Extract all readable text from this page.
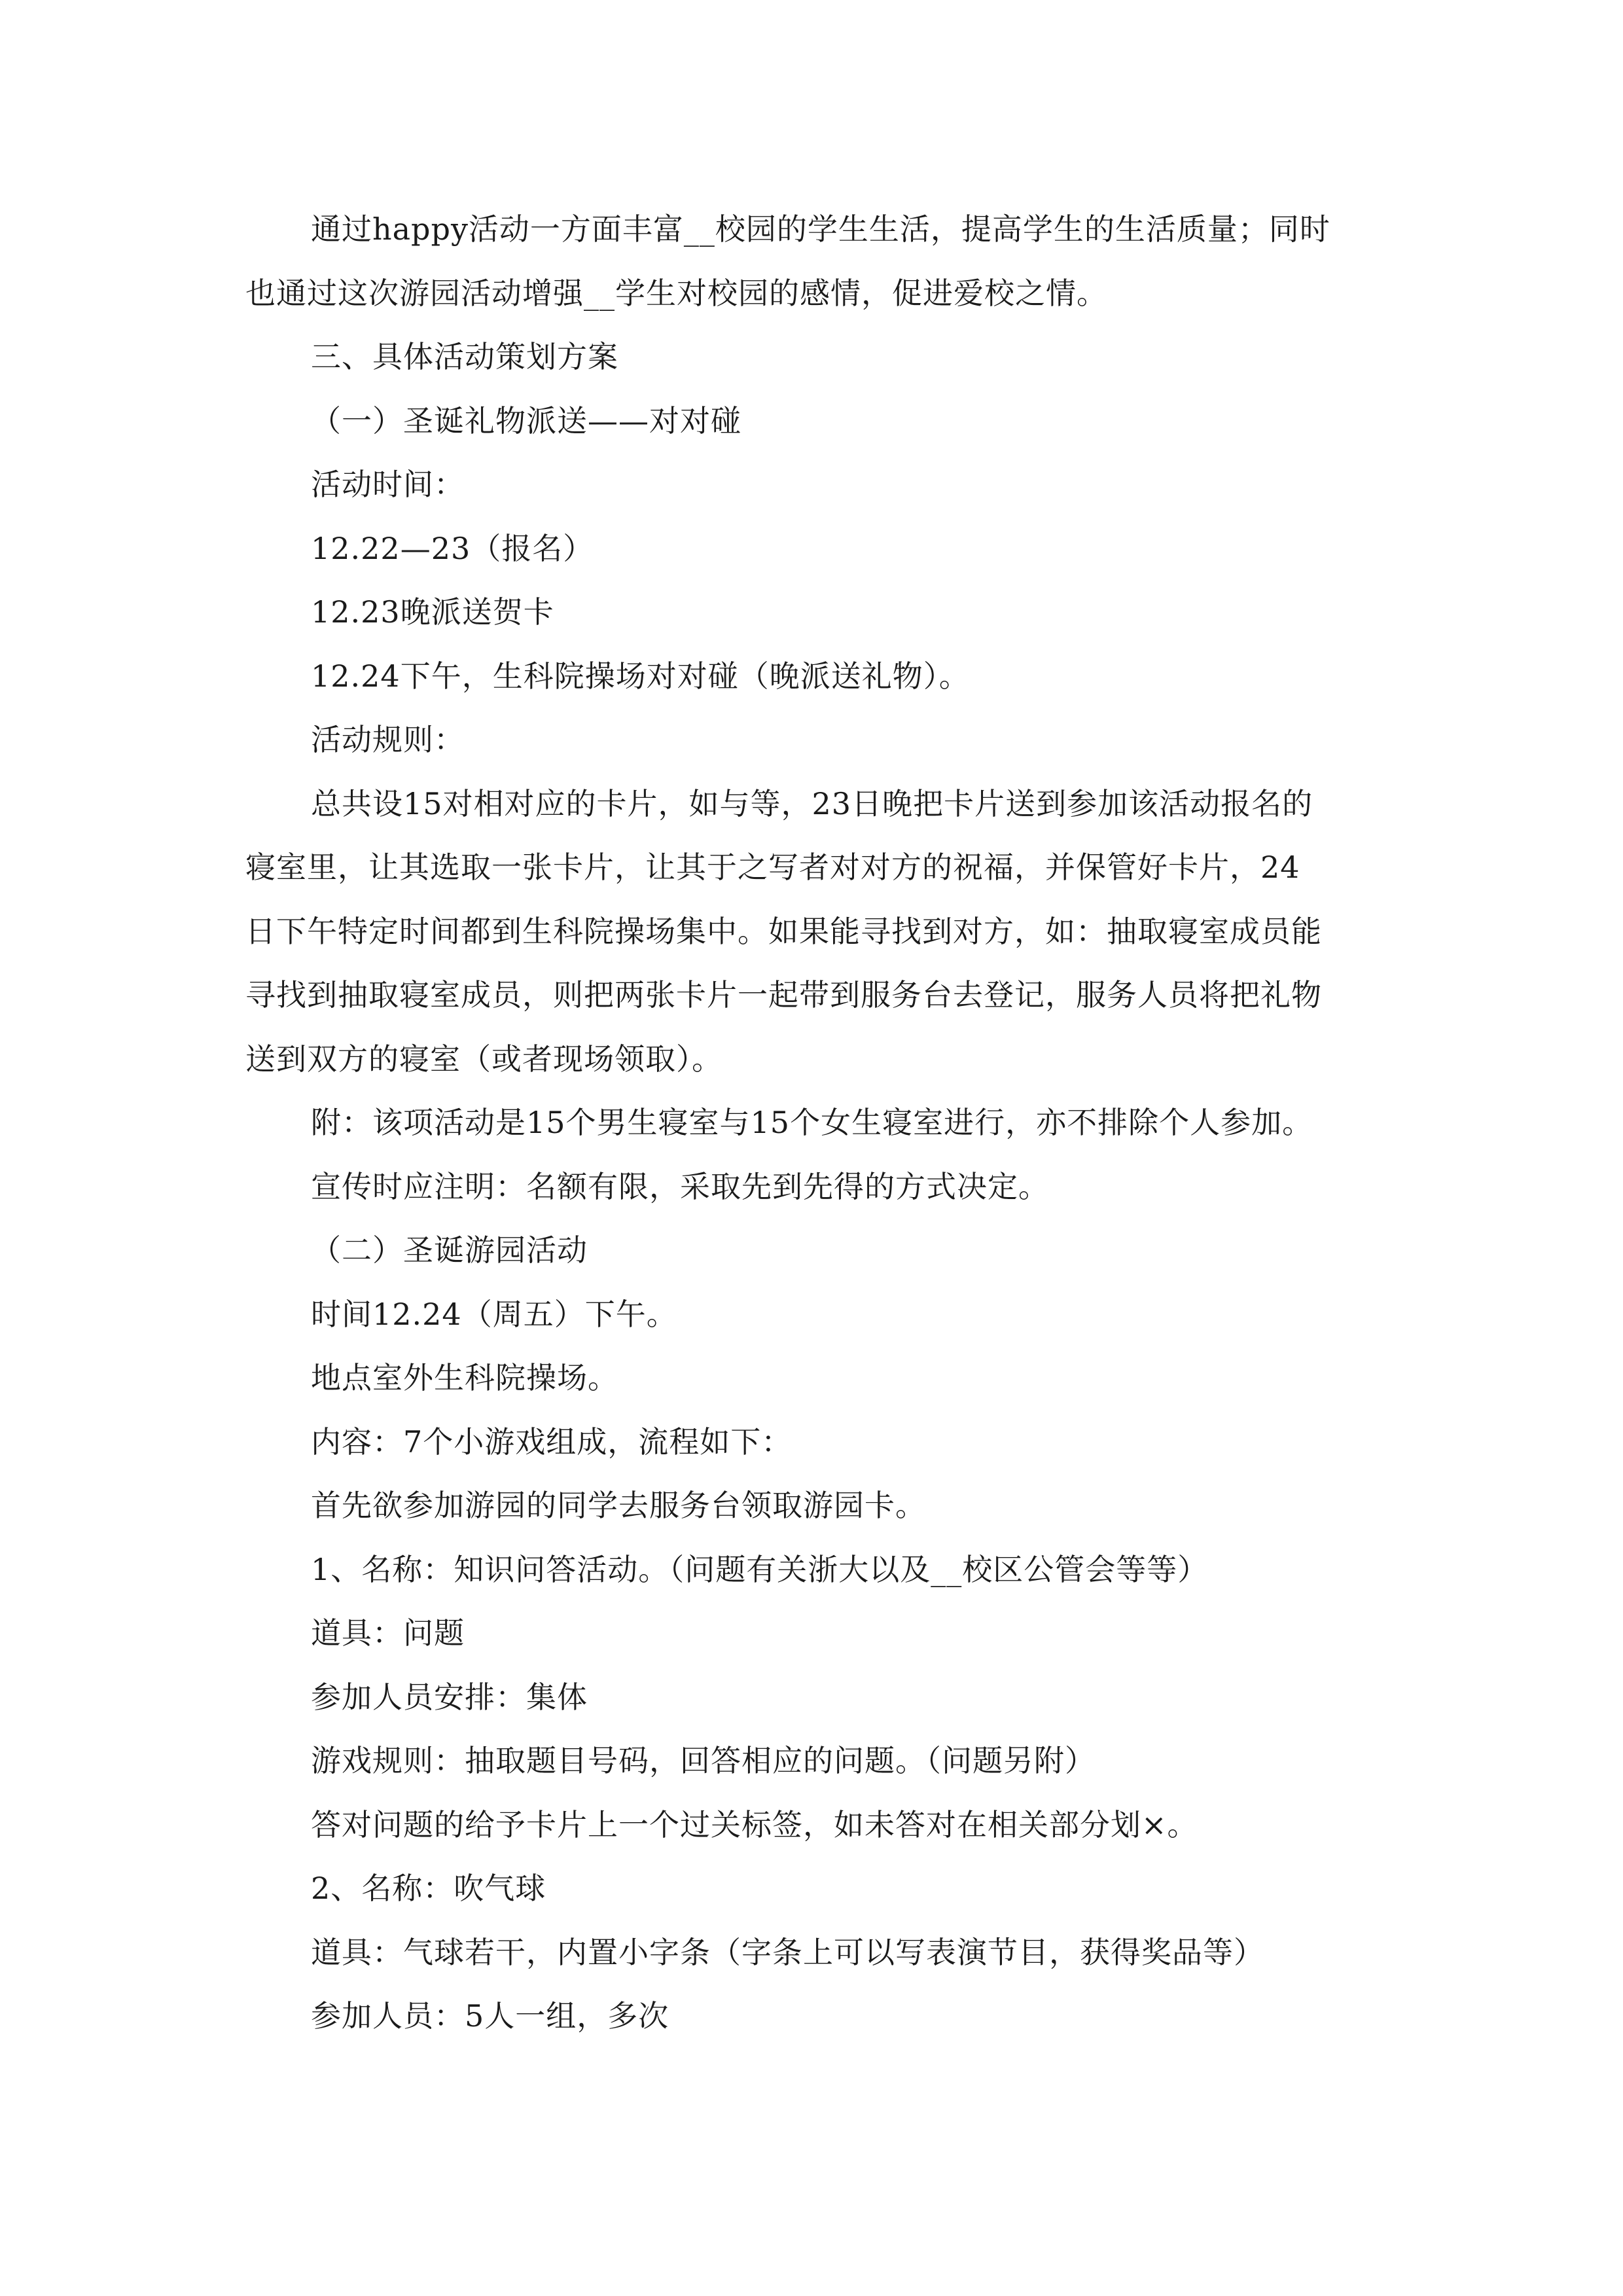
通过happy活动一方面丰富__校园的学生生活，提高学生的生活质量；同时
也通过这次游园活动增强__学生对校园的感情，促进爱校之情。
三、具体活动策划方案
（一）圣诞礼物派送——对对碰
活动时间：
12.22—23（报名）
12.23晚派送贺卡
12.24下午，生科院操场对对碰（晚派送礼物）。
活动规则：
总共设15对相对应的卡片，如与等，23日晚把卡片送到参加该活动报名的
寝室里，让其选取一张卡片，让其于之写者对对方的祝福，并保管好卡片，24
日下午特定时间都到生科院操场集中。如果能寻找到对方，如：抽取寝室成员能
寻找到抽取寝室成员，则把两张卡片一起带到服务台去登记，服务人员将把礼物
送到双方的寝室（或者现场领取）。
附：该项活动是15个男生寝室与15个女生寝室进行，亦不排除个人参加。
宣传时应注明：名额有限，采取先到先得的方式决定。
（二）圣诞游园活动
时间12.24（周五）下午。
地点室外生科院操场。
内容：7个小游戏组成，流程如下：
首先欲参加游园的同学去服务台领取游园卡。
1、名称：知识问答活动。（问题有关浙大以及__校区公管会等等）
道具：问题
参加人员安排：集体
游戏规则：抽取题目号码，回答相应的问题。（问题另附）
答对问题的给予卡片上一个过关标签，如未答对在相关部分划×。
2、名称：吹气球
道具：气球若干，内置小字条（字条上可以写表演节目，获得奖品等）
参加人员：5人一组，多次
